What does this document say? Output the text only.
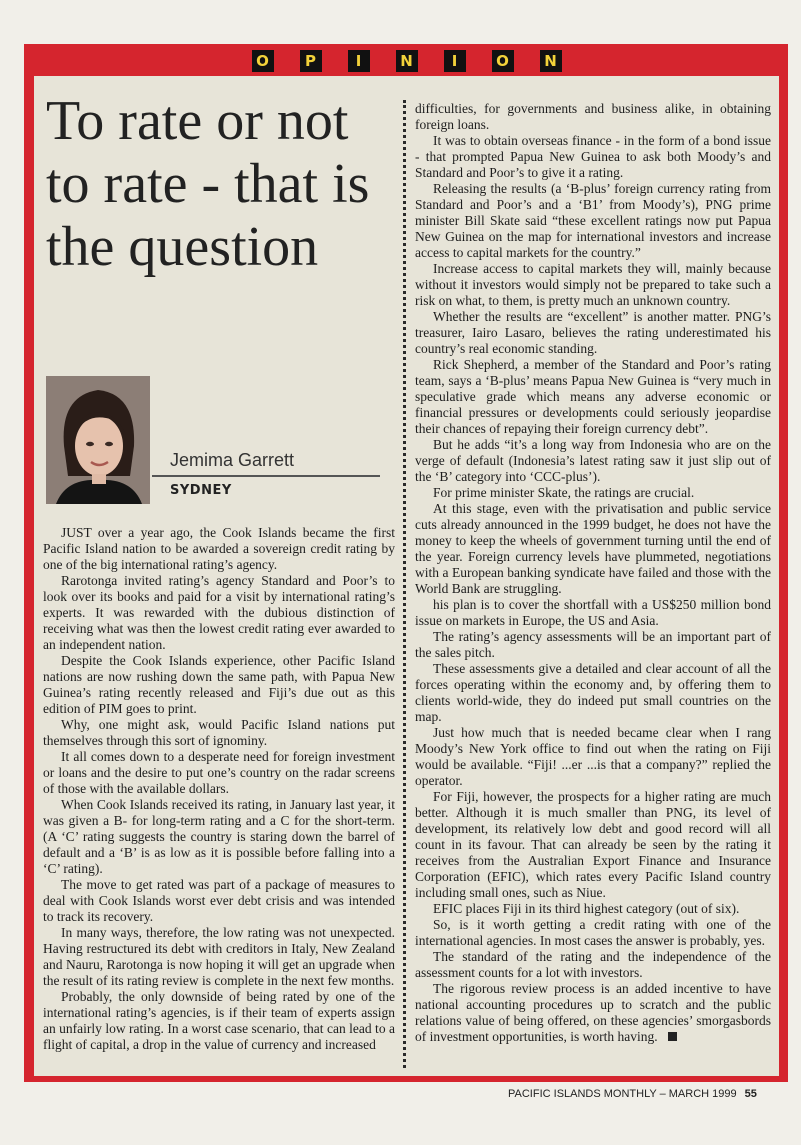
O	P	I	N	I	O	N
To rate or not to rate - that is the question
Jemima Garrett
SYDNEY

JUST over a year ago, the Cook Islands became the first Pacific Island nation to be awarded a sovereign credit rating by one of the big international rating’s agency.

Rarotonga invited rating’s agency Standard and Poor’s to look over its books and paid for a visit by international rating’s experts. It was rewarded with the dubious distinction of receiving what was then the lowest credit rating ever awarded to an independent nation.

Despite the Cook Islands experience, other Pacific Island nations are now rushing down the same path, with Papua New Guinea’s rating recently released and Fiji’s due out as this edition of PIM goes to print.

Why, one might ask, would Pacific Island nations put themselves through this sort of ignominy.

It all comes down to a desperate need for foreign investment or loans and the desire to put one’s country on the radar screens of those with the available dollars.

When Cook Islands received its rating, in January last year, it was given a B- for long-term rating and a C for the short-term. (A ‘C’ rating suggests the country is staring down the barrel of default and a ‘B’ is as low as it is possible before falling into a ‘C’ rating).

The move to get rated was part of a package of measures to deal with Cook Islands worst ever debt crisis and was intended to track its recovery.

In many ways, therefore, the low rating was not unexpected. Having restructured its debt with creditors in Italy, New Zealand and Nauru, Rarotonga is now hoping it will get an upgrade when the result of its rating review is complete in the next few months.

Probably, the only downside of being rated by one of the international rating’s agencies, is if their team of experts assign an unfairly low rating. In a worst case scenario, that can lead to a flight of capital, a drop in the value of currency and increased

difficulties, for governments and business alike, in obtaining foreign loans.

It was to obtain overseas finance - in the form of a bond issue - that prompted Papua New Guinea to ask both Moody’s and Standard and Poor’s to give it a rating.

Releasing the results (a ‘B-plus’ foreign currency rating from Standard and Poor’s and a ‘B1’ from Moody’s), PNG prime minister Bill Skate said “these excellent ratings now put Papua New Guinea on the map for international investors and increase access to capital markets for the country.”

Increase access to capital markets they will, mainly because without it investors would simply not be prepared to take such a risk on what, to them, is pretty much an unknown country.

Whether the results are “excellent” is another matter. PNG’s treasurer, Iairo Lasaro, believes the rating underestimated his country’s real economic standing.

Rick Shepherd, a member of the Standard and Poor’s rating team, says a ‘B-plus’ means Papua New Guinea is “very much in speculative grade which means any adverse economic or financial pressures or developments could seriously jeopardise their chances of repaying their foreign currency debt”.

But he adds “it’s a long way from Indonesia who are on the verge of default (Indonesia’s latest rating saw it just slip out of the ‘B’ category into ‘CCC-plus’).

For prime minister Skate, the ratings are crucial.

At this stage, even with the privatisation and public service cuts already announced in the 1999 budget, he does not have the money to keep the wheels of government turning until the end of the year. Foreign currency levels have plummeted, negotiations with a European banking syndicate have failed and those with the World Bank are struggling.

his plan is to cover the shortfall with a US$250 million bond issue on markets in Europe, the US and Asia.

The rating’s agency assessments will be an important part of the sales pitch.

These assessments give a detailed and clear account of all the forces operating within the economy and, by offering them to clients world-wide, they do indeed put small countries on the map.

Just how much that is needed became clear when I rang Moody’s New York office to find out when the rating on Fiji would be available. “Fiji! ...er ...is that a company?” replied the operator.

For Fiji, however, the prospects for a higher rating are much better. Although it is much smaller than PNG, its level of development, its relatively low debt and good record will all count in its favour. That can already be seen by the rating it receives from the Australian Export Finance and Insurance Corporation (EFIC), which rates every Pacific Island country including small ones, such as Niue.

EFIC places Fiji in its third highest category (out of six).

So, is it worth getting a credit rating with one of the international agencies. In most cases the answer is probably, yes.

The standard of the rating and the independence of the assessment counts for a lot with investors.

The rigorous review process is an added incentive to have national accounting procedures up to scratch and the public relations value of being offered, on these agencies’ smorgasbords of investment opportunities, is worth having.

PACIFIC ISLANDS MONTHLY – MARCH 1999 55
